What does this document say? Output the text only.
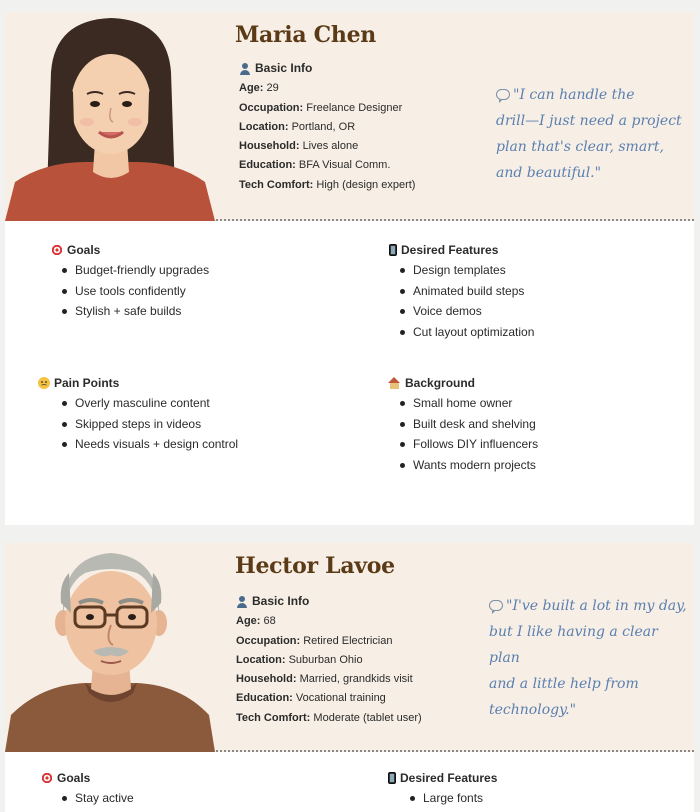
Maria Chen
Basic Info
Age: 29
Occupation: Freelance Designer
Location: Portland, OR
Household: Lives alone
Education: BFA Visual Comm.
Tech Comfort: High (design expert)
"I can handle the
drill—I just need a project
plan that's clear, smart,
and beautiful."
Goals
Budget-friendly upgrades
Use tools confidently
Stylish + safe builds
Desired Features
Design templates
Animated build steps
Voice demos
Cut layout optimization
Pain Points
Overly masculine content
Skipped steps in videos
Needs visuals + design control
Background
Small home owner
Built desk and shelving
Follows DIY influencers
Wants modern projects
Hector Lavoe
Basic Info
Age: 68
Occupation: Retired Electrician
Location: Suburban Ohio
Household: Married, grandkids visit
Education: Vocational training
Tech Comfort: Moderate (tablet user)
"I've built a lot in my day,
but I like having a clear plan
and a little help from
technology."
Goals
Stay active
Desired Features
Large fonts
